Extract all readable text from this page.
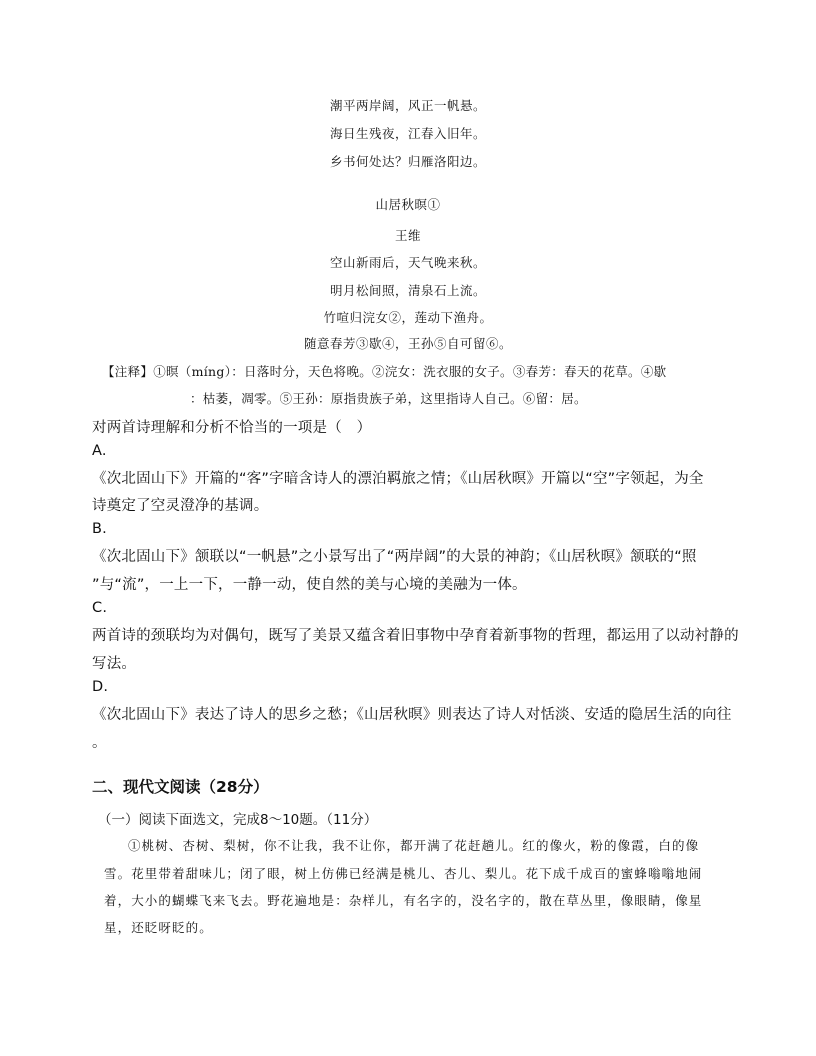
潮平两岸阔，风正一帆悬。
海日生残夜，江春入旧年。
乡书何处达？归雁洛阳边。
山居秋暝①
王维
空山新雨后，天气晚来秋。
明月松间照，清泉石上流。
竹喧归浣女②，莲动下渔舟。
随意春芳③歇④，王孙⑤自可留⑥。
【注释】①暝（míng）：日落时分，天色将晚。②浣女：洗衣服的女子。③春芳：春天的花草。④歇
：枯萎，凋零。⑤王孙：原指贵族子弟，这里指诗人自己。⑥留：居。
对两首诗理解和分析不恰当的一项是（　）
A.
《次北固山下》开篇的“客”字暗含诗人的漂泊羁旅之情；《山居秋暝》开篇以“空”字领起，为全
诗奠定了空灵澄净的基调。
B.
《次北固山下》颔联以“一帆悬”之小景写出了“两岸阔”的大景的神韵；《山居秋暝》颔联的“照
”与“流”，一上一下，一静一动，使自然的美与心境的美融为一体。
C.
两首诗的颈联均为对偶句，既写了美景又蕴含着旧事物中孕育着新事物的哲理，都运用了以动衬静的
写法。
D.
《次北固山下》表达了诗人的思乡之愁；《山居秋暝》则表达了诗人对恬淡、安适的隐居生活的向往
。
二、现代文阅读（28分）
（一）阅读下面选文，完成8～10题。（11分）
①桃树、杏树、梨树，你不让我，我不让你，都开满了花赶趟儿。红的像火，粉的像霞，白的像
雪。花里带着甜味儿；闭了眼，树上仿佛已经满是桃儿、杏儿、梨儿。花下成千成百的蜜蜂嗡嗡地闹
着，大小的蝴蝶飞来飞去。野花遍地是：杂样儿，有名字的，没名字的，散在草丛里，像眼睛，像星
星，还眨呀眨的。
